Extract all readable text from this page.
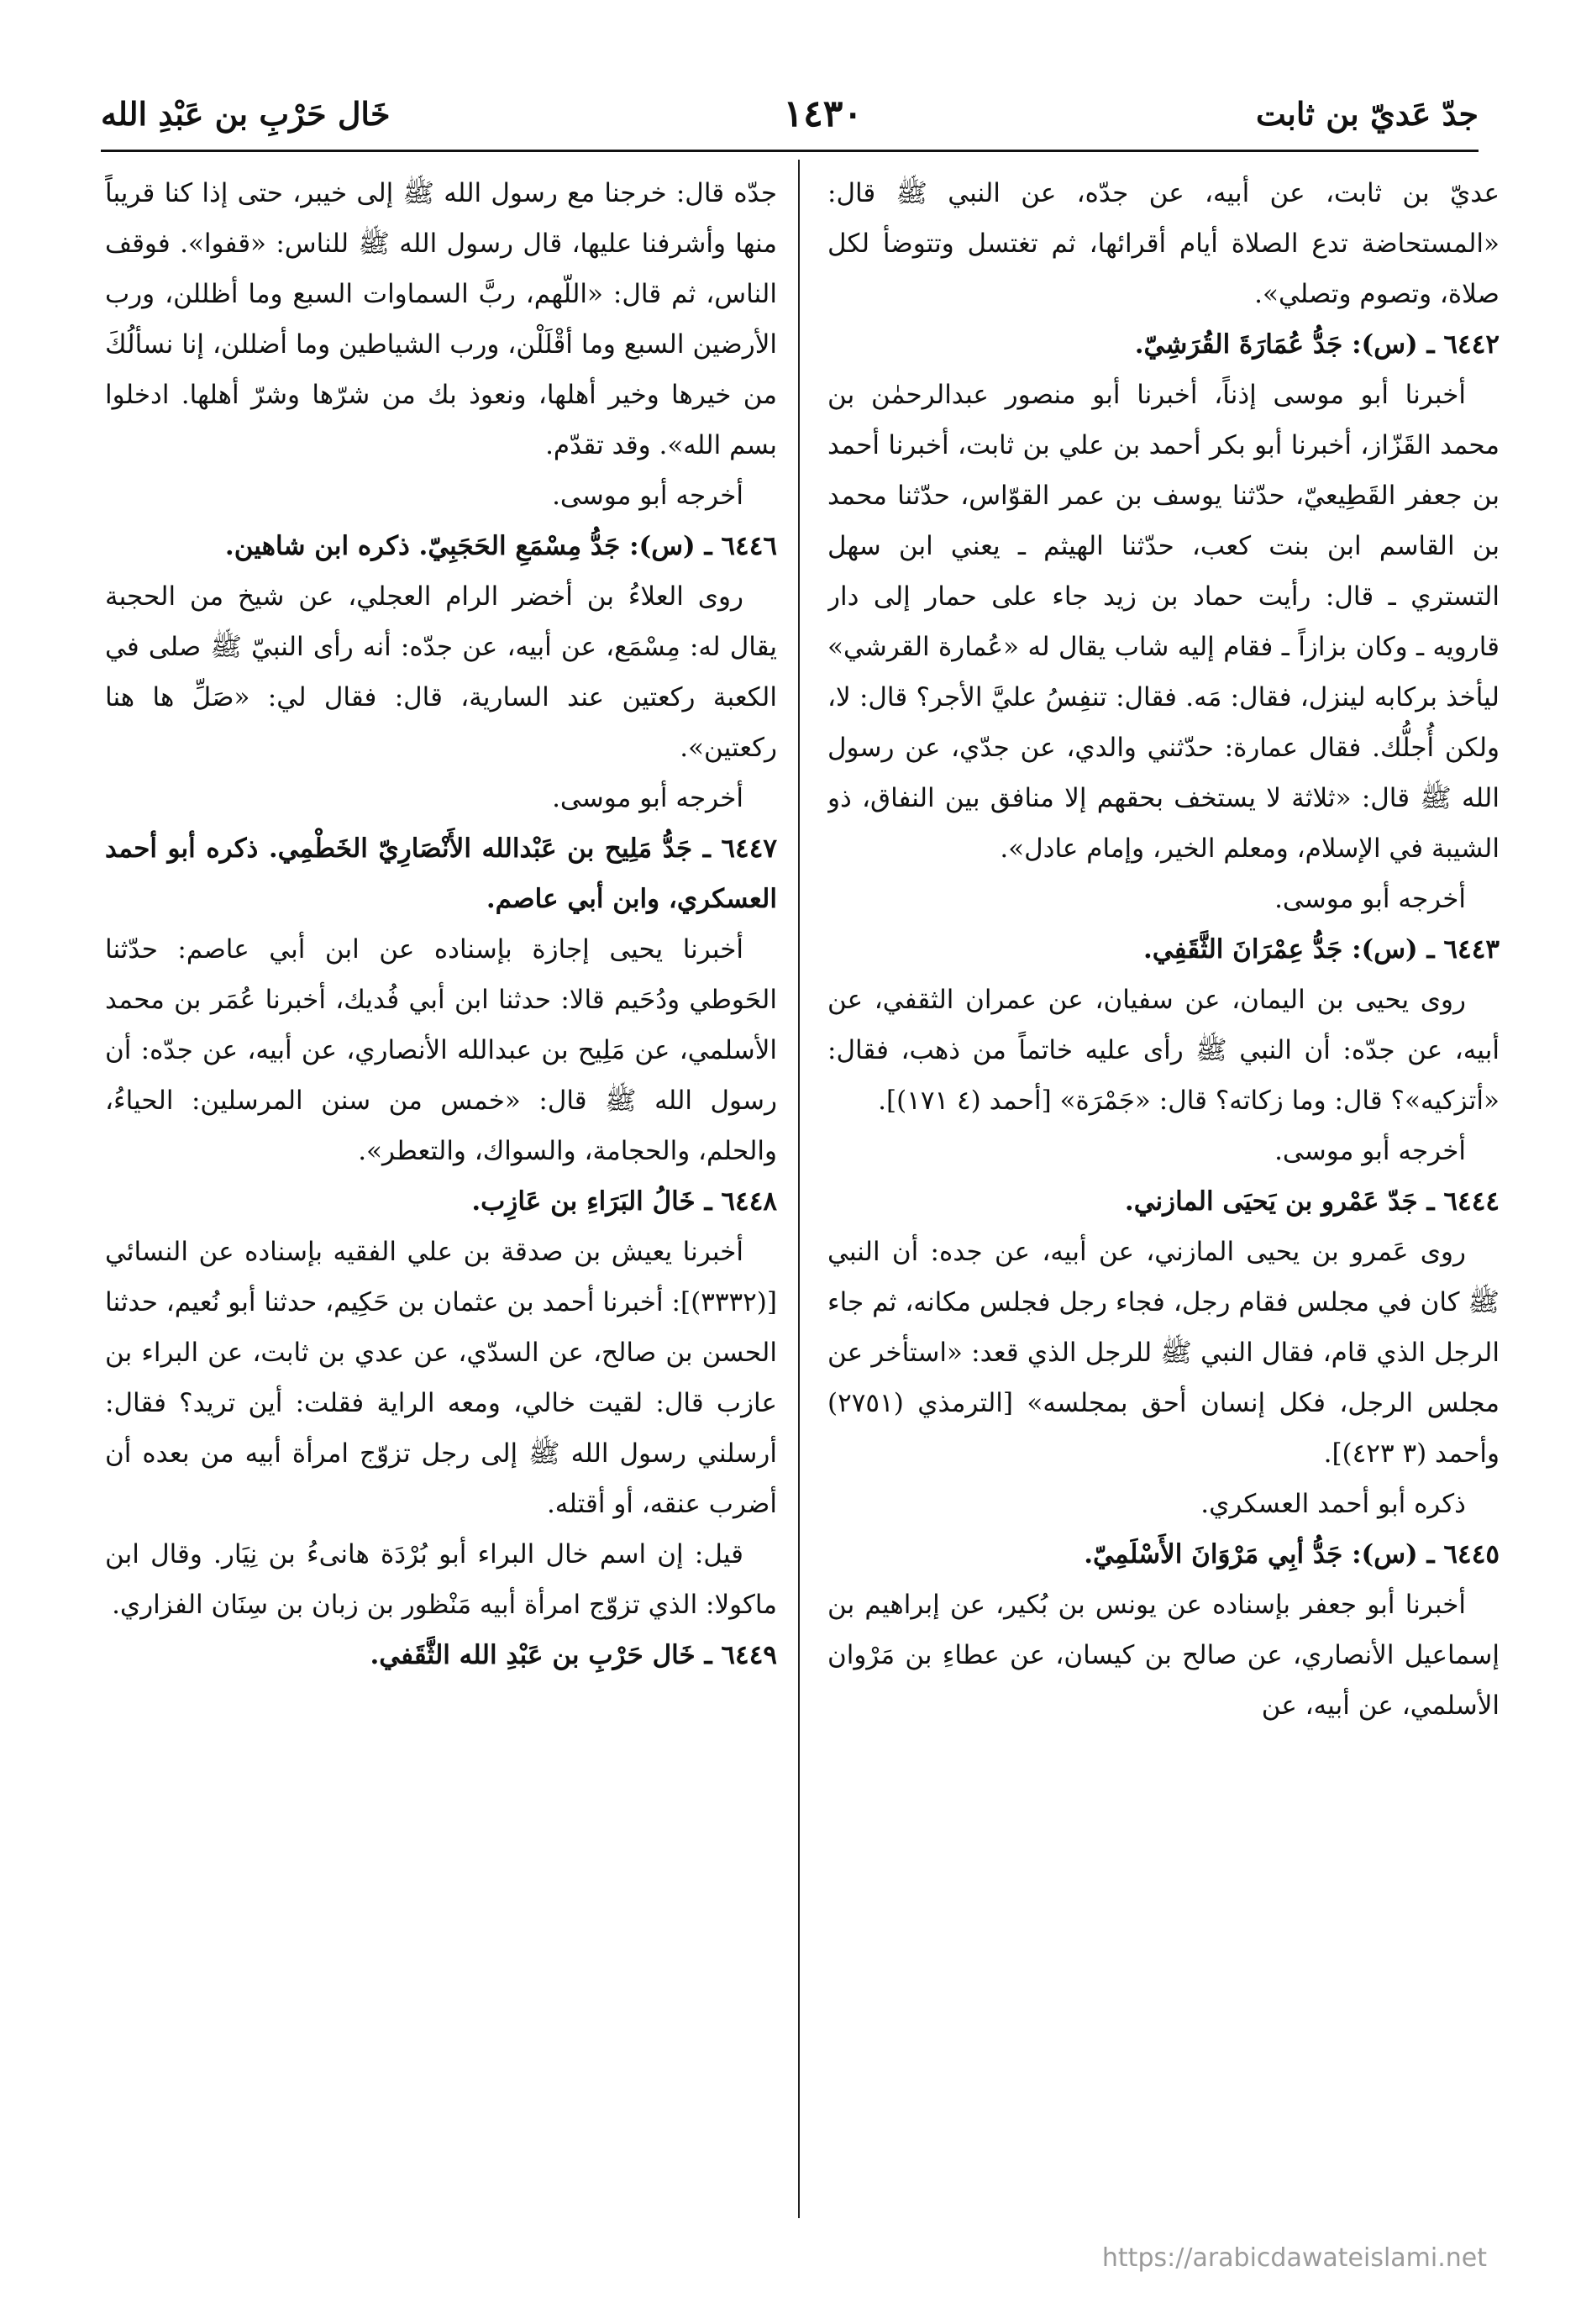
جدّ عَديّ بن ثابت
١٤٣٠
خَال حَرْبِ بن عَبْدِ الله

عديّ بن ثابت، عن أبيه، عن جدّه، عن النبي ﷺ قال: «المستحاضة تدع الصلاة أيام أقرائها، ثم تغتسل وتتوضأ لكل صلاة، وتصوم وتصلي».

٦٤٤٢ ـ (س): جَدُّ عُمَارَةَ القُرَشِيّ.

أخبرنا أبو موسى إذناً، أخبرنا أبو منصور عبدالرحمٰن بن محمد القَزّاز، أخبرنا أبو بكر أحمد بن علي بن ثابت، أخبرنا أحمد بن جعفر القَطِيعيّ، حدّثنا يوسف بن عمر القوّاس، حدّثنا محمد بن القاسم ابن بنت كعب، حدّثنا الهيثم ـ يعني ابن سهل التستري ـ قال: رأيت حماد بن زيد جاء على حمار إلى دار قارويه ـ وكان بزازاً ـ فقام إليه شاب يقال له «عُمارة القرشي» ليأخذ بركابه لينزل، فقال: مَه. فقال: تنفِسُ عليَّ الأجر؟ قال: لا، ولكن أُجلُّك. فقال عمارة: حدّثني والدي، عن جدّي، عن رسول الله ﷺ قال: «ثلاثة لا يستخف بحقهم إلا منافق بين النفاق، ذو الشيبة في الإسلام، ومعلم الخير، وإمام عادل».

أخرجه أبو موسى.

٦٤٤٣ ـ (س): جَدُّ عِمْرَانَ الثَّقَفِي.

روى يحيى بن اليمان، عن سفيان، عن عمران الثقفي، عن أبيه، عن جدّه: أن النبي ﷺ رأى عليه خاتماً من ذهب، فقال: «أتزكيه»؟ قال: وما زكاته؟ قال: «جَمْرَة» [أحمد (٤ ١٧١)].

أخرجه أبو موسى.

٦٤٤٤ ـ جَدّ عَمْرو بن يَحيَى المازني.

روى عَمرو بن يحيى المازني، عن أبيه، عن جده: أن النبي ﷺ كان في مجلس فقام رجل، فجاء رجل فجلس مكانه، ثم جاء الرجل الذي قام، فقال النبي ﷺ للرجل الذي قعد: «استأخر عن مجلس الرجل، فكل إنسان أحق بمجلسه» [الترمذي (٢٧٥١) وأحمد (٣ ٤٢٣)].

ذكره أبو أحمد العسكري.

٦٤٤٥ ـ (س): جَدُّ أبِي مَرْوَانَ الأَسْلَمِيّ.

أخبرنا أبو جعفر بإسناده عن يونس بن بُكير، عن إبراهيم بن إسماعيل الأنصاري، عن صالح بن كيسان، عن عطاءِ بن مَرْوان الأسلمي، عن أبيه، عن

جدّه قال: خرجنا مع رسول الله ﷺ إلى خيبر، حتى إذا كنا قريباً منها وأشرفنا عليها، قال رسول الله ﷺ للناس: «قفوا». فوقف الناس، ثم قال: «اللّهم، ربَّ السماوات السبع وما أظللن، ورب الأرضين السبع وما أقْلَلْن، ورب الشياطين وما أضللن، إنا نسألُكَ من خيرها وخير أهلها، ونعوذ بك من شرّها وشرّ أهلها. ادخلوا بسم الله». وقد تقدّم.

أخرجه أبو موسى.

٦٤٤٦ ـ (س): جَدُّ مِسْمَعِ الحَجَبِيّ. ذكره ابن شاهين.

روى العلاءُ بن أخضر الرام العجلي، عن شيخ من الحجبة يقال له: مِسْمَع، عن أبيه، عن جدّه: أنه رأى النبيّ ﷺ صلى في الكعبة ركعتين عند السارية، قال: فقال لي: «صَلِّ ها هنا ركعتين».

أخرجه أبو موسى.

٦٤٤٧ ـ جَدُّ مَلِيح بن عَبْدالله الأَنْصَارِيّ الخَطْمِي. ذكره أبو أحمد العسكري، وابن أبي عاصم.

أخبرنا يحيى إجازة بإسناده عن ابن أبي عاصم: حدّثنا الحَوطي ودُحَيم قالا: حدثنا ابن أبي فُديك، أخبرنا عُمَر بن محمد الأسلمي، عن مَلِيح بن عبدالله الأنصاري، عن أبيه، عن جدّه: أن رسول الله ﷺ قال: «خمس من سنن المرسلين: الحياءُ، والحلم، والحجامة، والسواك، والتعطر».

٦٤٤٨ ـ خَالُ البَرَاءِ بن عَازِب.

أخبرنا يعيش بن صدقة بن علي الفقيه بإسناده عن النسائي [(٣٣٣٢)]: أخبرنا أحمد بن عثمان بن حَكِيم، حدثنا أبو نُعيم، حدثنا الحسن بن صالح، عن السدّي، عن عدي بن ثابت، عن البراء بن عازب قال: لقيت خالي، ومعه الراية فقلت: أين تريد؟ فقال: أرسلني رسول الله ﷺ إلى رجل تزوّج امرأة أبيه من بعده أن أضرب عنقه، أو أقتله.

قيل: إن اسم خال البراء أبو بُرْدَة هانىءُ بن نِيَار. وقال ابن ماكولا: الذي تزوّج امرأة أبيه مَنْظور بن زبان بن سِنَان الفزاري.

٦٤٤٩ ـ خَال حَرْبِ بن عَبْدِ الله الثَّقَفي.

https://arabicdawateislami.net
